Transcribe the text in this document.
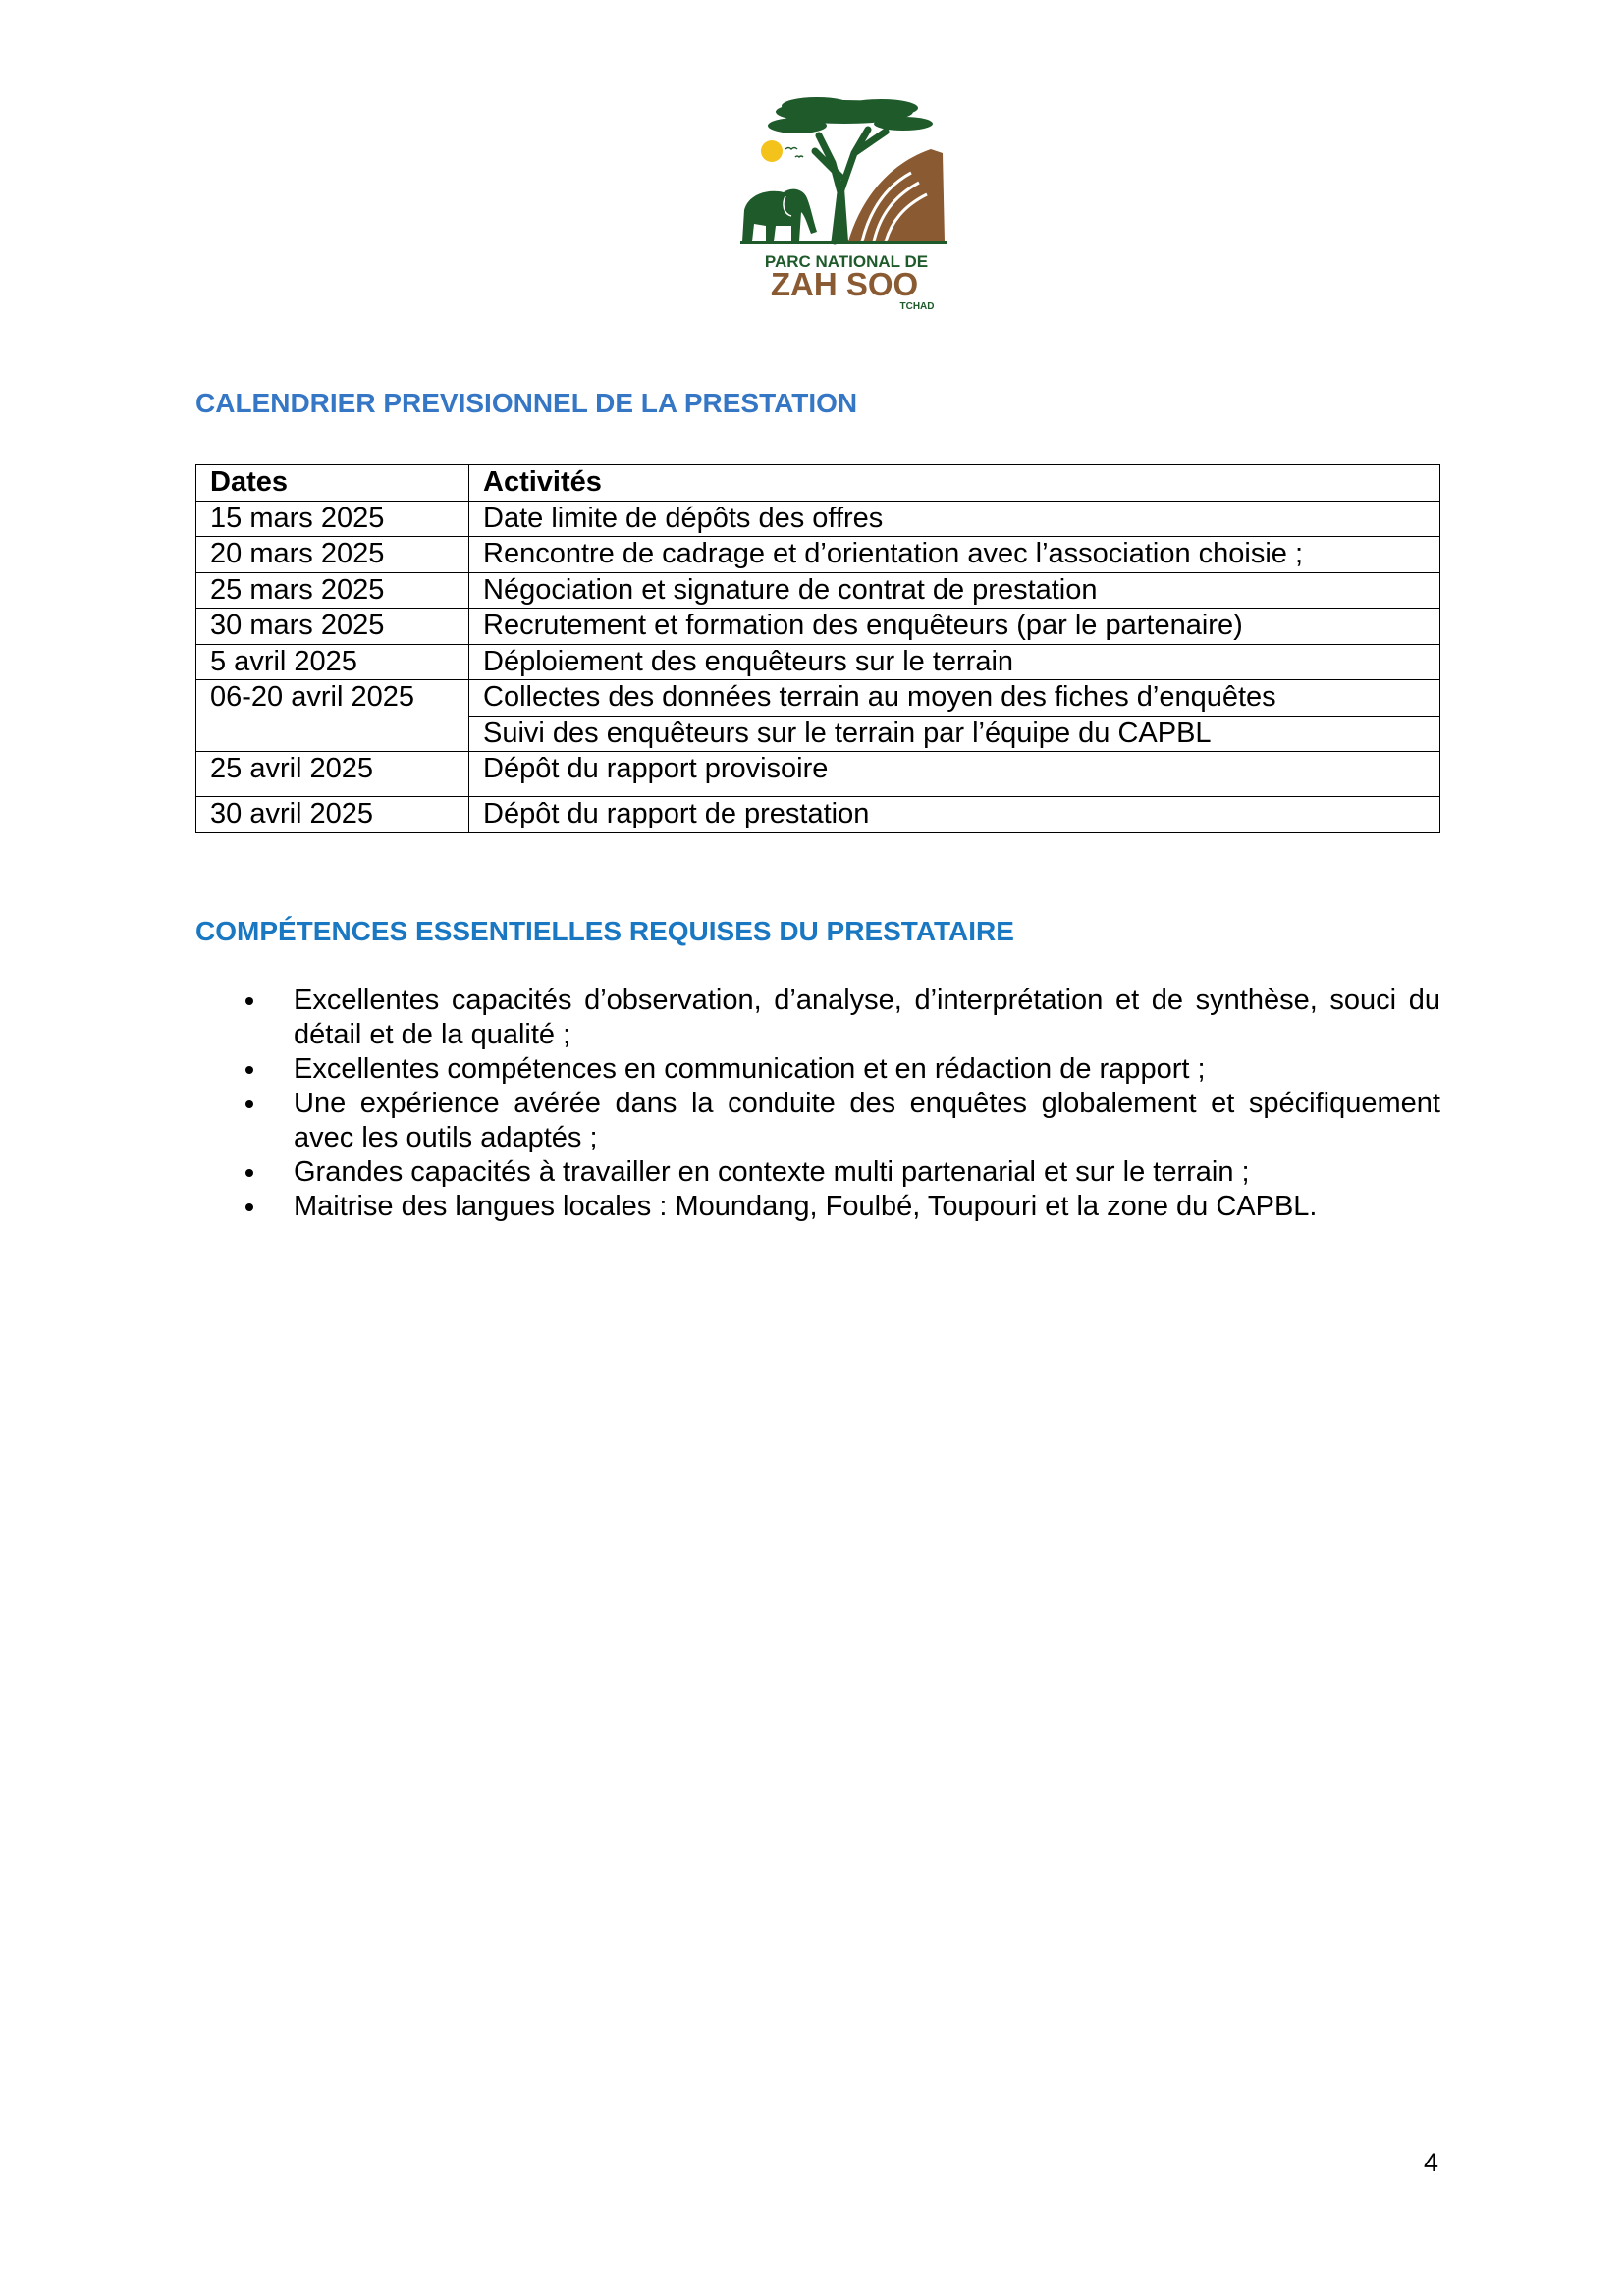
PARC NATIONAL DE
ZAH SOO
TCHAD
CALENDRIER PREVISIONNEL DE LA PRESTATION
Dates	Activités
15 mars 2025	Date limite de dépôts des offres
20 mars 2025	Rencontre de cadrage et d’orientation avec l’association choisie ;
25 mars 2025	Négociation et signature de contrat de prestation
30 mars 2025	Recrutement et formation des enquêteurs (par le partenaire)
5 avril 2025	Déploiement des enquêteurs sur le terrain
06-20 avril 2025	Collectes des données terrain au moyen des fiches d’enquêtes
	Suivi des enquêteurs sur le terrain par l’équipe du CAPBL
25 avril 2025	Dépôt du rapport provisoire
30 avril 2025	Dépôt du rapport de prestation
COMPÉTENCES ESSENTIELLES REQUISES DU PRESTATAIRE
Excellentes capacités d’observation, d’analyse, d’interprétation et de synthèse, souci du détail et de la qualité ;
Excellentes compétences en communication et en rédaction de rapport ;
Une expérience avérée dans la conduite des enquêtes globalement et spécifiquement avec les outils adaptés ;
Grandes capacités à travailler en contexte multi partenarial et sur le terrain ;
Maitrise des langues locales : Moundang, Foulbé, Toupouri et la zone du CAPBL.
4
